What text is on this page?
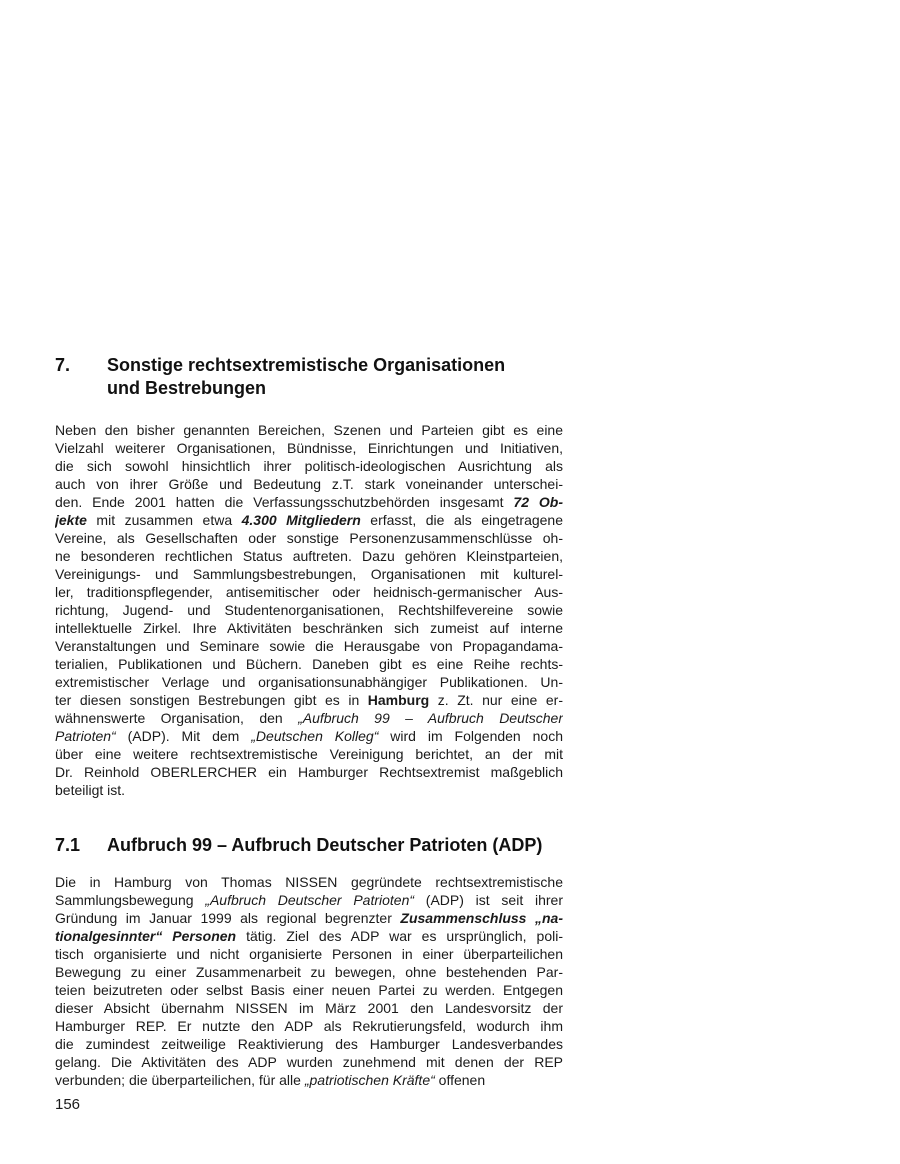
7. Sonstige rechtsextremistische Organisationen
und Bestrebungen
Neben den bisher genannten Bereichen, Szenen und Parteien gibt es eine
Vielzahl weiterer Organisationen, Bündnisse, Einrichtungen und Initiativen,
die sich sowohl hinsichtlich ihrer politisch-ideologischen Ausrichtung als
auch von ihrer Größe und Bedeutung z.T. stark voneinander unterschei-
den. Ende 2001 hatten die Verfassungsschutzbehörden insgesamt 72 Ob-
jekte mit zusammen etwa 4.300 Mitgliedern erfasst, die als eingetragene
Vereine, als Gesellschaften oder sonstige Personenzusammenschlüsse oh-
ne besonderen rechtlichen Status auftreten. Dazu gehören Kleinstparteien,
Vereinigungs- und Sammlungsbestrebungen, Organisationen mit kulturel-
ler, traditionspflegender, antisemitischer oder heidnisch-germanischer Aus-
richtung, Jugend- und Studentenorganisationen, Rechtshilfevereine sowie
intellektuelle Zirkel. Ihre Aktivitäten beschränken sich zumeist auf interne
Veranstaltungen und Seminare sowie die Herausgabe von Propagandama-
terialien, Publikationen und Büchern. Daneben gibt es eine Reihe rechts-
extremistischer Verlage und organisationsunabhängiger Publikationen. Un-
ter diesen sonstigen Bestrebungen gibt es in Hamburg z. Zt. nur eine er-
wähnenswerte Organisation, den „Aufbruch 99 – Aufbruch Deutscher
Patrioten“ (ADP). Mit dem „Deutschen Kolleg“ wird im Folgenden noch
über eine weitere rechtsextremistische Vereinigung berichtet, an der mit
Dr. Reinhold OBERLERCHER ein Hamburger Rechtsextremist maßgeblich
beteiligt ist.
7.1 Aufbruch 99 – Aufbruch Deutscher Patrioten (ADP)
Die in Hamburg von Thomas NISSEN gegründete rechtsextremistische
Sammlungsbewegung „Aufbruch Deutscher Patrioten“ (ADP) ist seit ihrer
Gründung im Januar 1999 als regional begrenzter Zusammenschluss „na-
tionalgesinnter“ Personen tätig. Ziel des ADP war es ursprünglich, poli-
tisch organisierte und nicht organisierte Personen in einer überparteilichen
Bewegung zu einer Zusammenarbeit zu bewegen, ohne bestehenden Par-
teien beizutreten oder selbst Basis einer neuen Partei zu werden. Entgegen
dieser Absicht übernahm NISSEN im März 2001 den Landesvorsitz der
Hamburger REP. Er nutzte den ADP als Rekrutierungsfeld, wodurch ihm
die zumindest zeitweilige Reaktivierung des Hamburger Landesverbandes
gelang. Die Aktivitäten des ADP wurden zunehmend mit denen der REP
verbunden; die überparteilichen, für alle „patriotischen Kräfte“ offenen
156
